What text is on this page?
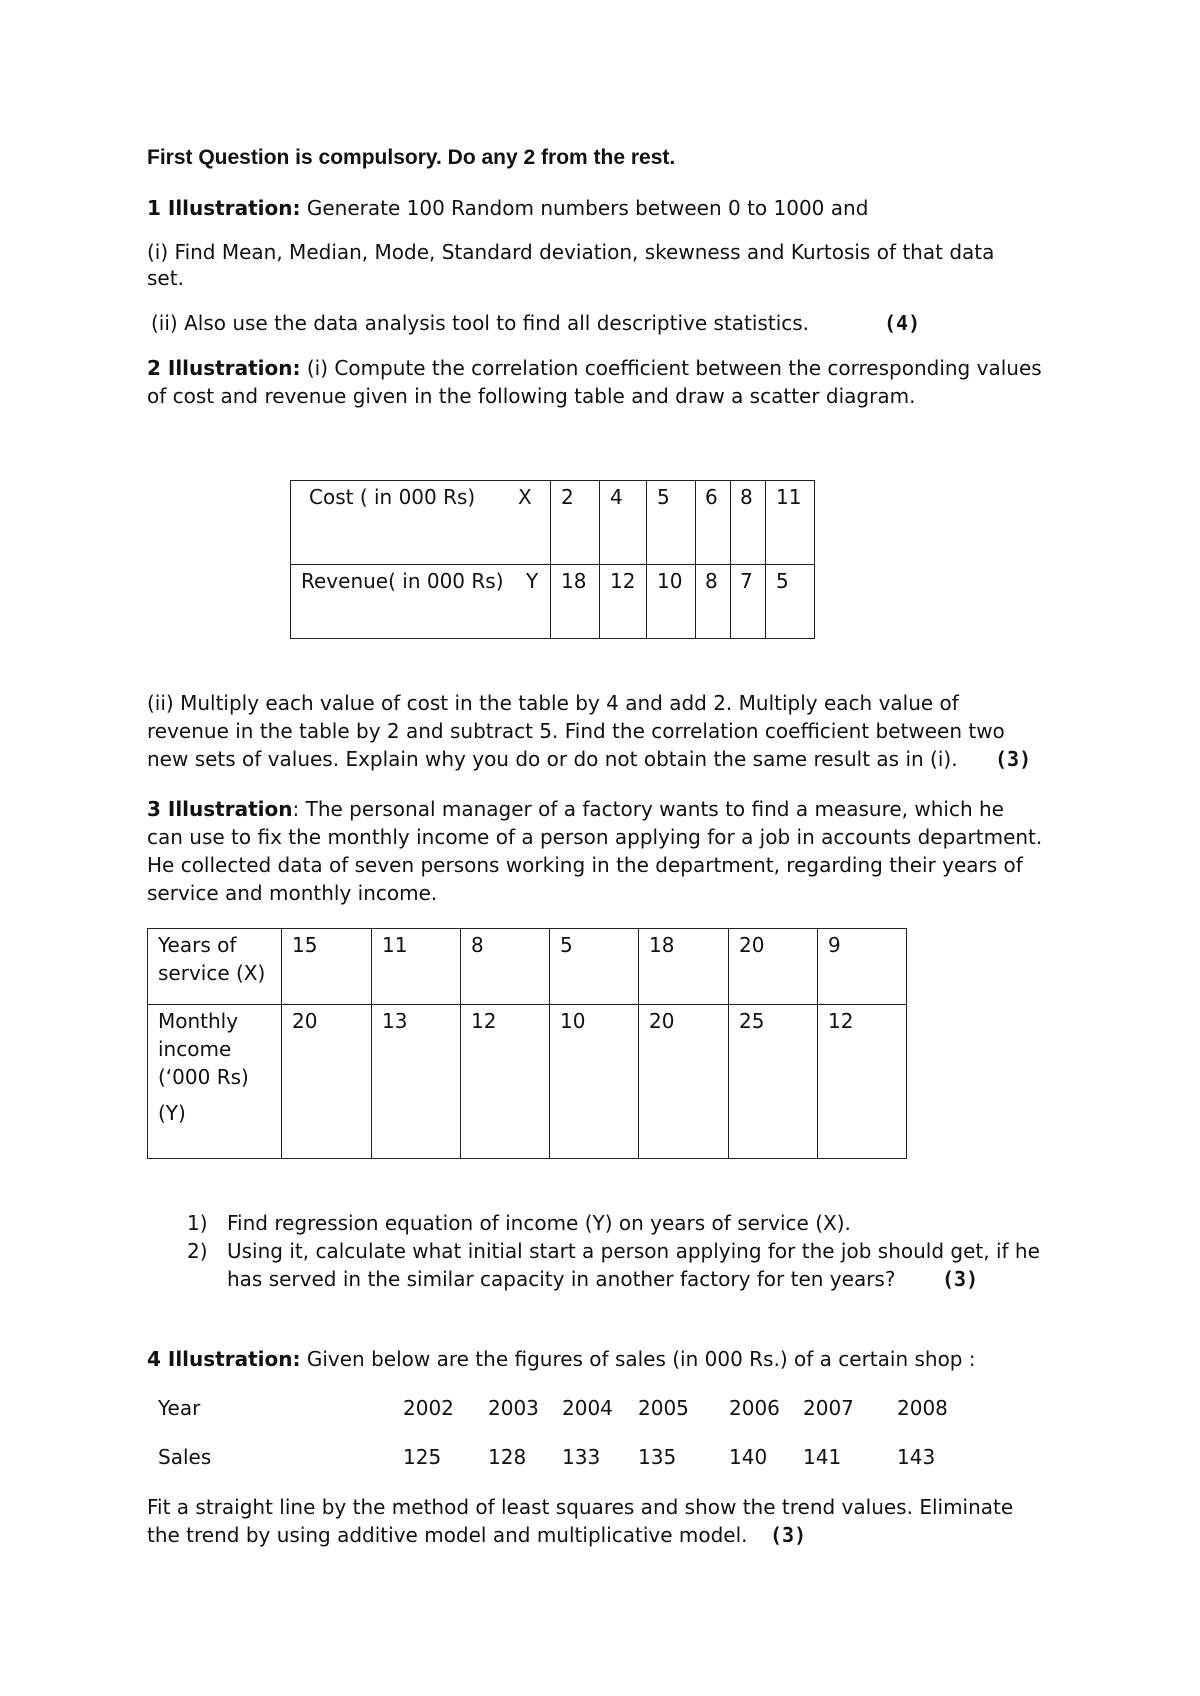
First Question is compulsory. Do any 2 from the rest.
1 Illustration: Generate 100 Random numbers between 0 to 1000 and
(i) Find Mean, Median, Mode, Standard deviation, skewness and Kurtosis of that data
set.
(ii) Also use the data analysis tool to find all descriptive statistics.	(4)
2 Illustration: (i) Compute the correlation coefficient between the corresponding values
of cost and revenue given in the following table and draw a scatter diagram.
Cost ( in 000 Rs) X	2	4	5	6	8	11

Revenue( in 000 Rs) Y	18	12	10	8	7	5
(ii) Multiply each value of cost in the table by 4 and add 2. Multiply each value of
revenue in the table by 2 and subtract 5. Find the correlation coefficient between two
new sets of values. Explain why you do or do not obtain the same result as in (i). (3)
3 Illustration: The personal manager of a factory wants to find a measure, which he
can use to fix the monthly income of a person applying for a job in accounts department.
He collected data of seven persons working in the department, regarding their years of
service and monthly income.
Years of
service (X)	15	11	8	5	18	20	9

Monthly
income
(‘000 Rs)
(Y)	20	13	12	10	20	25	12
1) Find regression equation of income (Y) on years of service (X).
2) Using it, calculate what initial start a person applying for the job should get, if he
has served in the similar capacity in another factory for ten years? (3)
4 Illustration: Given below are the figures of sales (in 000 Rs.) of a certain shop :
Year	2002 2003 2004 2005 2006 2007 2008
Sales	125 128 133 135	140 141	143
Fit a straight line by the method of least squares and show the trend values. Eliminate
the trend by using additive model and multiplicative model. (3)
